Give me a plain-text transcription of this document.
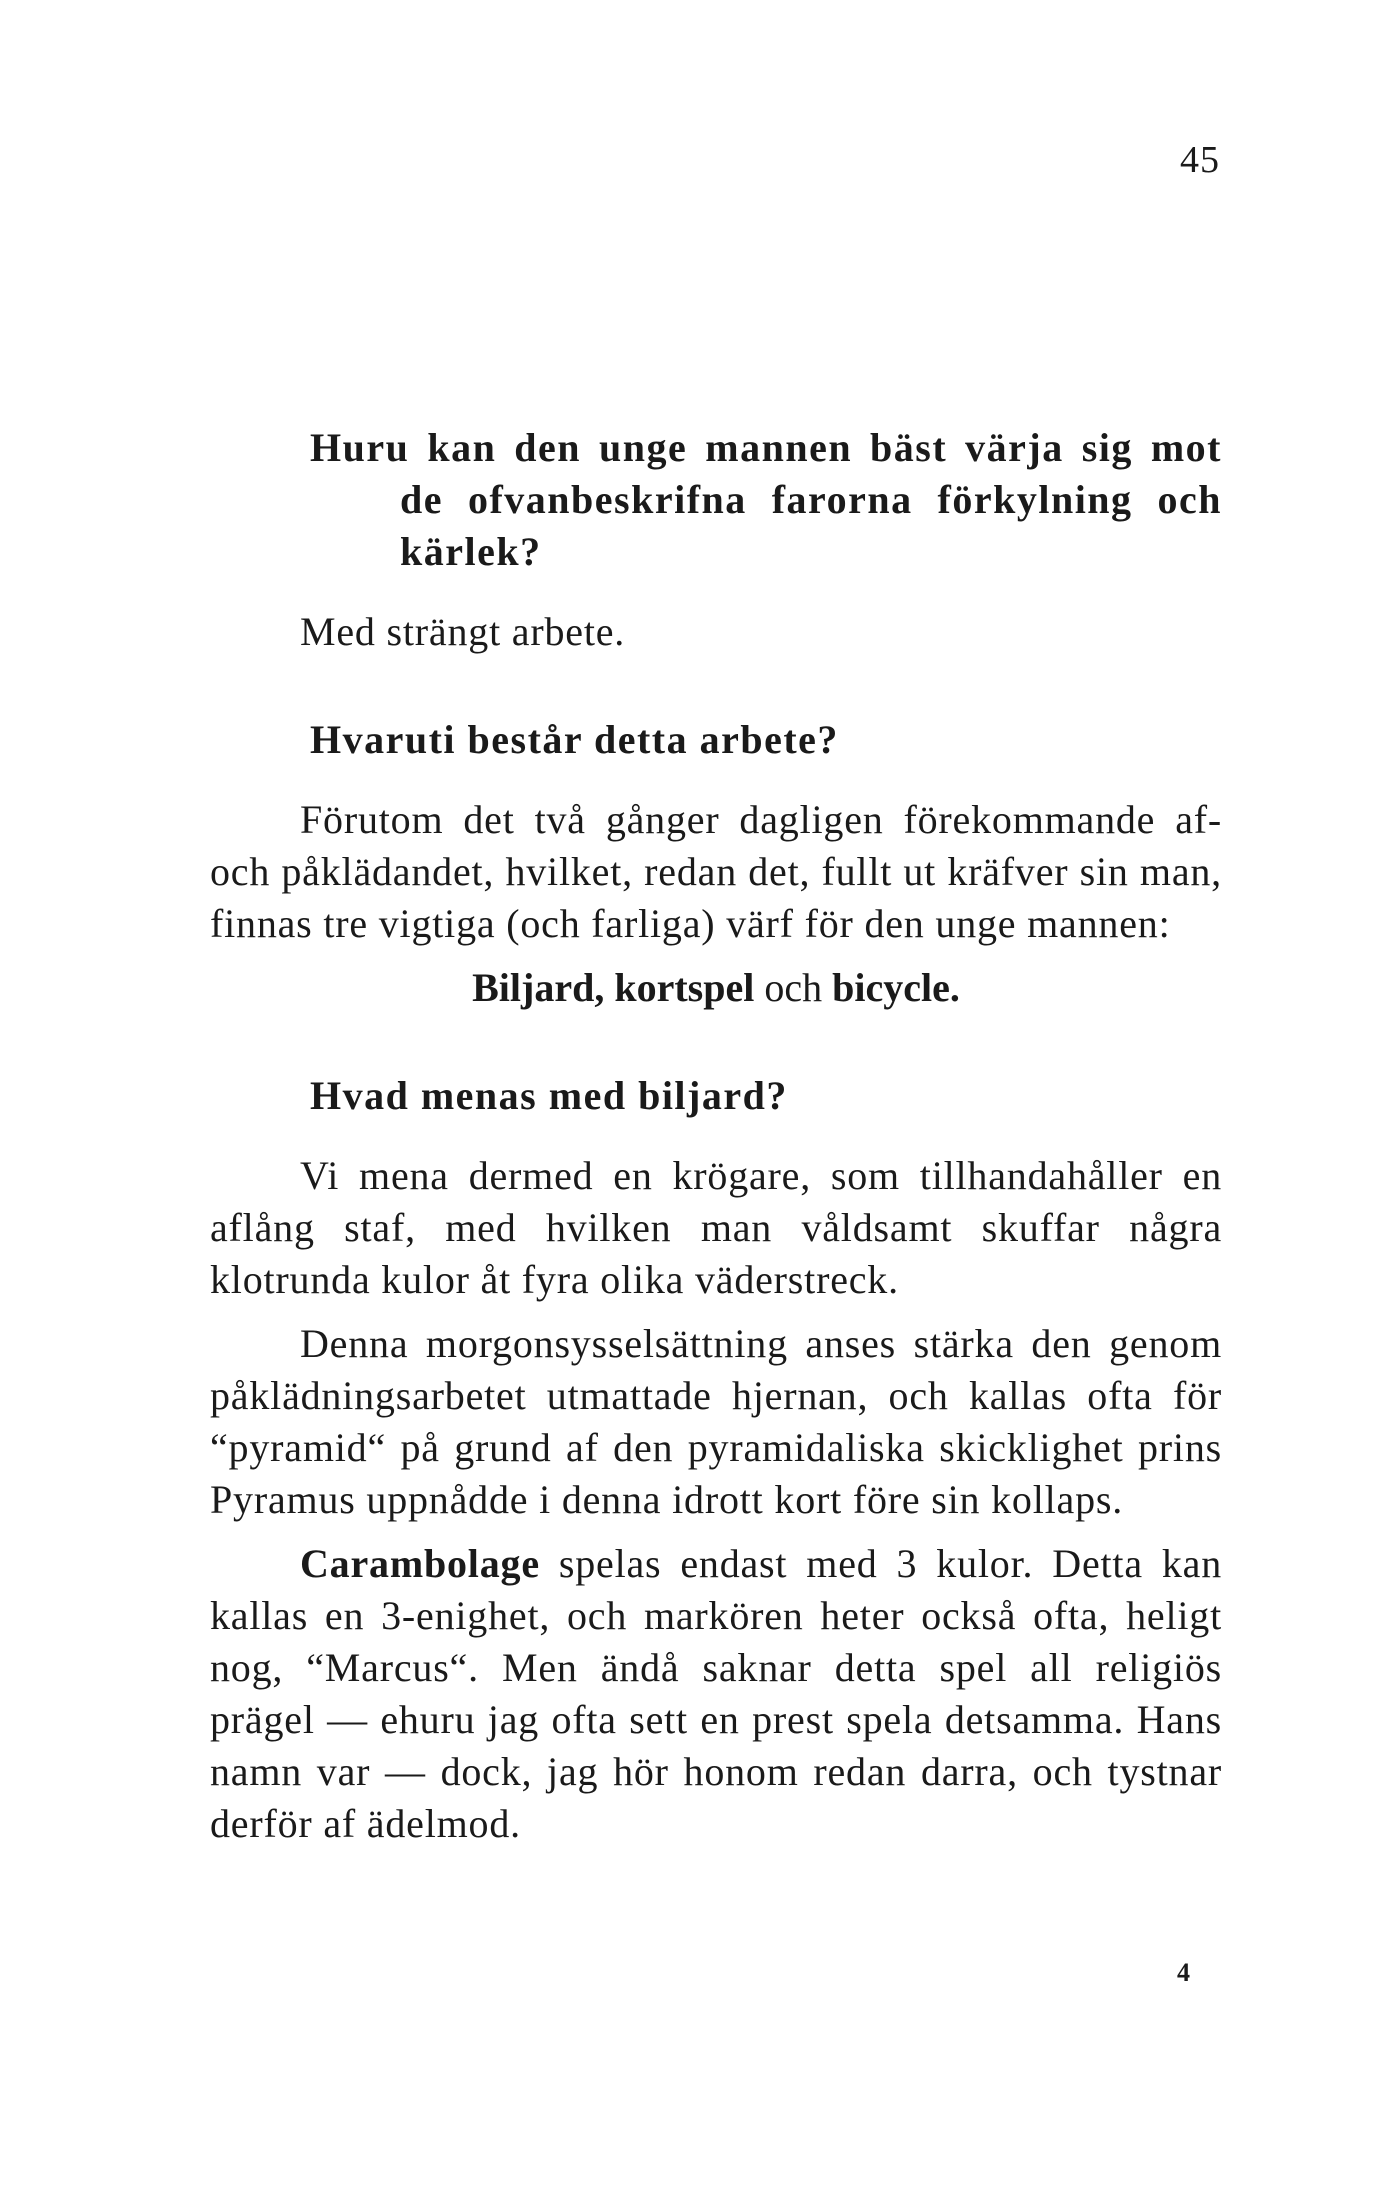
45

Huru kan den unge mannen bäst värja sig mot de ofvanbeskrifna farorna förkylning och kärlek?

Med strängt arbete.

Hvaruti består detta arbete?

Förutom det två gånger dagligen förekommande af- och påklädandet, hvilket, redan det, fullt ut kräfver sin man, finnas tre vigtiga (och farliga) värf för den unge mannen:

Biljard, kortspel och bicycle.

Hvad menas med biljard?

Vi mena dermed en krögare, som tillhandahåller en aflång staf, med hvilken man våldsamt skuffar några klotrunda kulor åt fyra olika väderstreck.

Denna morgonsysselsättning anses stärka den genom påklädningsarbetet utmattade hjernan, och kallas ofta för “pyramid“ på grund af den pyramidaliska skicklighet prins Pyramus uppnådde i denna idrott kort före sin kollaps.

Carambolage spelas endast med 3 kulor. Detta kan kallas en 3-enighet, och markören heter också ofta, heligt nog, “Marcus“. Men ändå saknar detta spel all religiös prägel — ehuru jag ofta sett en prest spela detsamma. Hans namn var — dock, jag hör honom redan darra, och tystnar derför af ädelmod.

4
